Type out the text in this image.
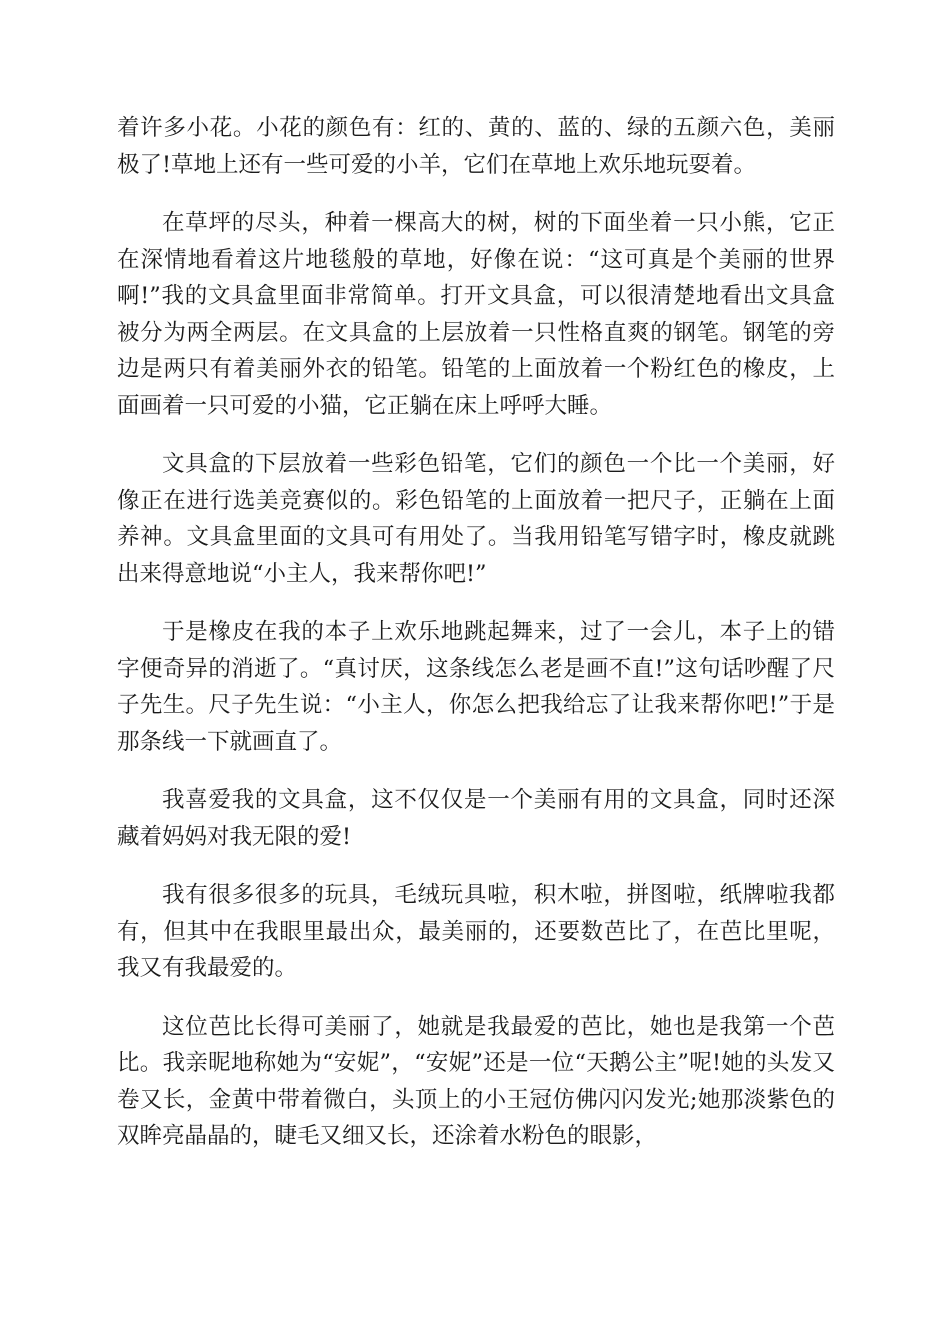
着许多小花。小花的颜色有：红的、黄的、蓝的、绿的五颜六色，美丽极了!草地上还有一些可爱的小羊，它们在草地上欢乐地玩耍着。

在草坪的尽头，种着一棵高大的树，树的下面坐着一只小熊，它正在深情地看着这片地毯般的草地，好像在说：“这可真是个美丽的世界啊!”我的文具盒里面非常简单。打开文具盒，可以很清楚地看出文具盒被分为两全两层。在文具盒的上层放着一只性格直爽的钢笔。钢笔的旁边是两只有着美丽外衣的铅笔。铅笔的上面放着一个粉红色的橡皮，上面画着一只可爱的小猫，它正躺在床上呼呼大睡。

文具盒的下层放着一些彩色铅笔，它们的颜色一个比一个美丽，好像正在进行选美竞赛似的。彩色铅笔的上面放着一把尺子，正躺在上面养神。文具盒里面的文具可有用处了。当我用铅笔写错字时，橡皮就跳出来得意地说“小主人，我来帮你吧!”

于是橡皮在我的本子上欢乐地跳起舞来，过了一会儿，本子上的错字便奇异的消逝了。“真讨厌，这条线怎么老是画不直!”这句话吵醒了尺子先生。尺子先生说：“小主人，你怎么把我给忘了让我来帮你吧!”于是那条线一下就画直了。

我喜爱我的文具盒，这不仅仅是一个美丽有用的文具盒，同时还深藏着妈妈对我无限的爱!

我有很多很多的玩具，毛绒玩具啦，积木啦，拼图啦，纸牌啦我都有，但其中在我眼里最出众，最美丽的，还要数芭比了，在芭比里呢，我又有我最爱的。

这位芭比长得可美丽了，她就是我最爱的芭比，她也是我第一个芭比。我亲昵地称她为“安妮”，“安妮”还是一位“天鹅公主”呢!她的头发又卷又长，金黄中带着微白，头顶上的小王冠仿佛闪闪发光;她那淡紫色的双眸亮晶晶的，睫毛又细又长，还涂着水粉色的眼影，
